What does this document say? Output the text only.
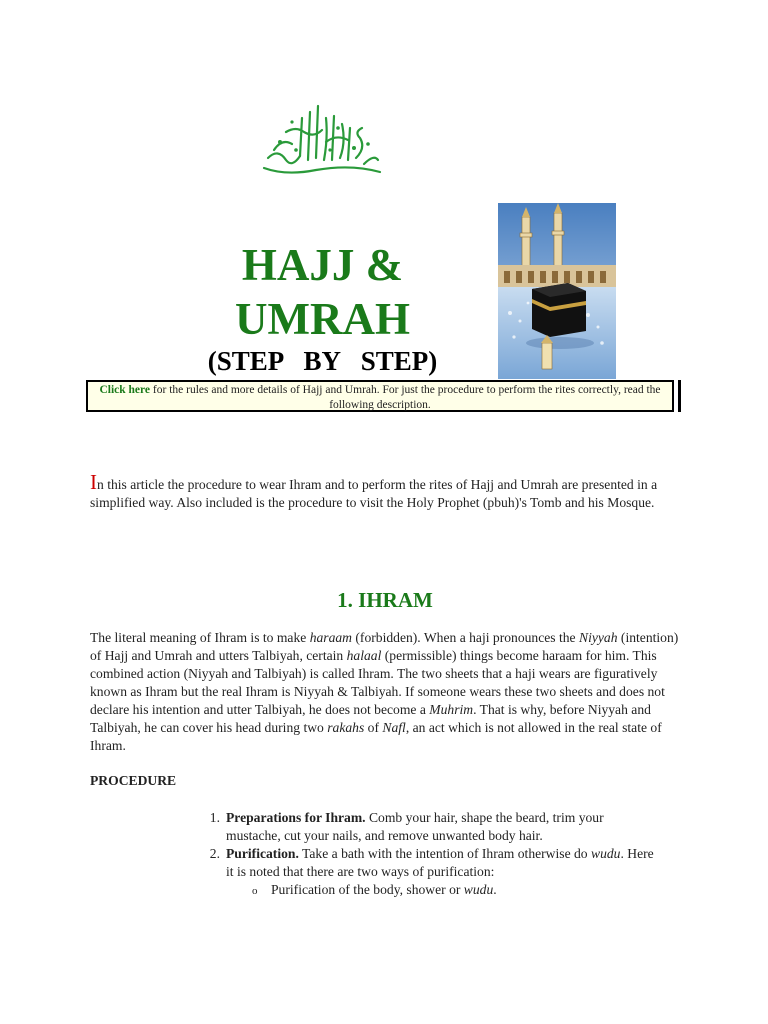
HAJJ &
UMRAH
(STEP BY STEP)
Click here for the rules and more details of Hajj and Umrah. For just the procedure to perform the rites correctly, read the following description.
In this article the procedure to wear Ihram and to perform the rites of Hajj and Umrah are presented in a simplified way. Also included is the procedure to visit the Holy Prophet (pbuh)'s Tomb and his Mosque.
1. IHRAM
The literal meaning of Ihram is to make haraam (forbidden). When a haji pronounces the Niyyah (intention) of Hajj and Umrah and utters Talbiyah, certain halaal (permissible) things become haraam for him. This combined action (Niyyah and Talbiyah) is called Ihram. The two sheets that a haji wears are figuratively known as Ihram but the real Ihram is Niyyah & Talbiyah. If someone wears these two sheets and does not declare his intention and utter Talbiyah, he does not become a Muhrim. That is why, before Niyyah and Talbiyah, he can cover his head during two rakahs of Nafl, an act which is not allowed in the real state of Ihram.
PROCEDURE
1. Preparations for Ihram. Comb your hair, shape the beard, trim your mustache, cut your nails, and remove unwanted body hair.
2. Purification. Take a bath with the intention of Ihram otherwise do wudu. Here it is noted that there are two ways of purification:
o Purification of the body, shower or wudu.
